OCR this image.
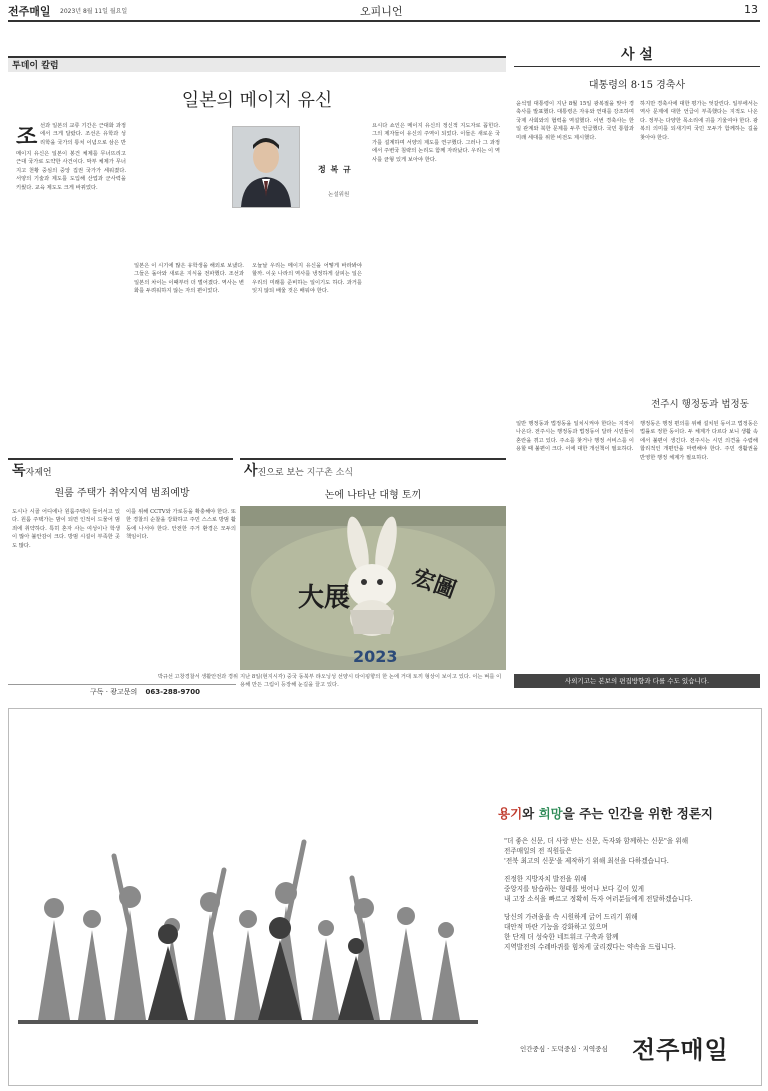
전주매일 2023년 8월 11일 월요일	오피니언	13
투데이 칼럼
일본의 메이지 유신
조 선과 일본의 교류 기간은 근대화 과정에서 크게 달랐다. 조선은 유학과 성리학을 국가의 통치 이념으로 삼은 반
메이지 유신은 일본이 봉건 체제를 무너뜨리고 근대 국가로 도약한 사건이다. 막부 체제가 무너지고 천황 중심의 중앙 집권 국가가 세워졌다. 서양의 기술과 제도를 도입해 산업과 군사력을 키웠다. 교육 제도도 크게 바뀌었다.
정 복 규
논설위원
일본은 이 시기에 많은 유학생을 해외로 보냈다. 그들은 돌아와 새로운 지식을 전파했다. 조선과 일본의 차이는 이때부터 더 벌어졌다. 역사는 변화를 두려워하지 않는 자의 편이었다.
오늘날 우리는 메이지 유신을 어떻게 바라봐야 할까. 이웃 나라의 역사를 냉정하게 살피는 일은 우리의 미래를 준비하는 일이기도 하다. 과거를 잊지 않되 배울 것은 배워야 한다.
요시다 쇼인은 메이지 유신의 정신적 지도자로 꼽힌다. 그의 제자들이 유신의 주역이 되었다. 이들은 새로운 국가를 설계하며 서양의 제도를 연구했다. 그러나 그 과정에서 주변국 침략의 논리도 함께 자라났다. 우리는 이 역사를 균형 있게 보아야 한다.
독자제언
원룸 주택가 취약지역 범죄예방
도시나 시골 어디에나 원룸주택이 들어서고 있다. 원룸 주택가는 밤이 되면 인적이 드물어 범죄에 취약하다. 특히 혼자 사는 여성이나 학생이 많아 불안감이 크다. 방범 시설이 부족한 곳도 많다.
이를 위해 CCTV와 가로등을 확충해야 한다. 또한 경찰의 순찰을 강화하고 주민 스스로 방범 활동에 나서야 한다. 안전한 주거 환경은 모두의 책임이다.
박규선 고창경찰서 생활안전과 경위
구독 · 광고문의 063-288-9700
사진으로 보는 지구촌 소식
논에 나타난 대형 토끼
大展	宏圖
2023
지난 8일(현지시각) 중국 동북부 랴오닝성 선양시 타이핑향의 한 논에 거대 토끼 형상이 보이고 있다. 이는 벼를 이용해 만든 그림이 등장해 눈길을 끌고 있다.
사 설
대통령의 8·15 경축사
윤석열 대통령이 지난 8월 15일 광복절을 맞아 경축사를 발표했다. 대통령은 자유와 연대를 강조하며 국제 사회와의 협력을 역설했다. 이번 경축사는 한일 관계와 북한 문제를 두루 언급했다. 국민 통합과 미래 세대를 위한 비전도 제시했다.
하지만 경축사에 대한 평가는 엇갈린다. 일부에서는 역사 문제에 대한 언급이 부족했다는 지적도 나온다. 정부는 다양한 목소리에 귀를 기울여야 한다. 광복의 의미를 되새기며 국민 모두가 함께하는 길을 찾아야 한다.
전주시 행정동과 법정동
일반 행정동과 법정동을 일치시켜야 한다는 지적이 나온다. 전주시는 행정동과 법정동이 달라 시민들이 혼란을 겪고 있다. 주소를 찾거나 행정 서비스를 이용할 때 불편이 크다. 이에 대한 개선책이 필요하다.
행정동은 행정 편의를 위해 설치된 동이고 법정동은 법률로 정한 동이다. 두 체계가 다르다 보니 생활 속에서 불편이 생긴다. 전주시는 시민 의견을 수렴해 합리적인 개편안을 마련해야 한다. 주민 생활권을 반영한 행정 체계가 필요하다.
사외기고는 본보의 편집방향과 다를 수도 있습니다.
용기와 희망을 주는 인간을 위한 정론지
"더 좋은 신문, 더 사랑 받는 신문, 독자와 함께하는 신문"을 위해
전주매일의 전 직원들은
'전북 최고의 신문'을 제작하기 위해 최선을 다하겠습니다.
진정한 지방자치 발전을 위해
중앙지를 탐습하는 형태를 벗어나 보다 깊이 있게
내 고장 소식을 빠르고 정확히 독자 여러분들에게 전달하겠습니다.
당신의 가려움을 속 시원하게 긁어 드리기 위해
대안적 마란 기능을 강화하고 있으며
한 단계 더 성숙한 네트워크 구축과 함께
지역발전의 수레바퀴를 힘차게 굴리겠다는 약속을 드립니다.
인간중심 · 도덕중심 · 지역중심 전주매일
